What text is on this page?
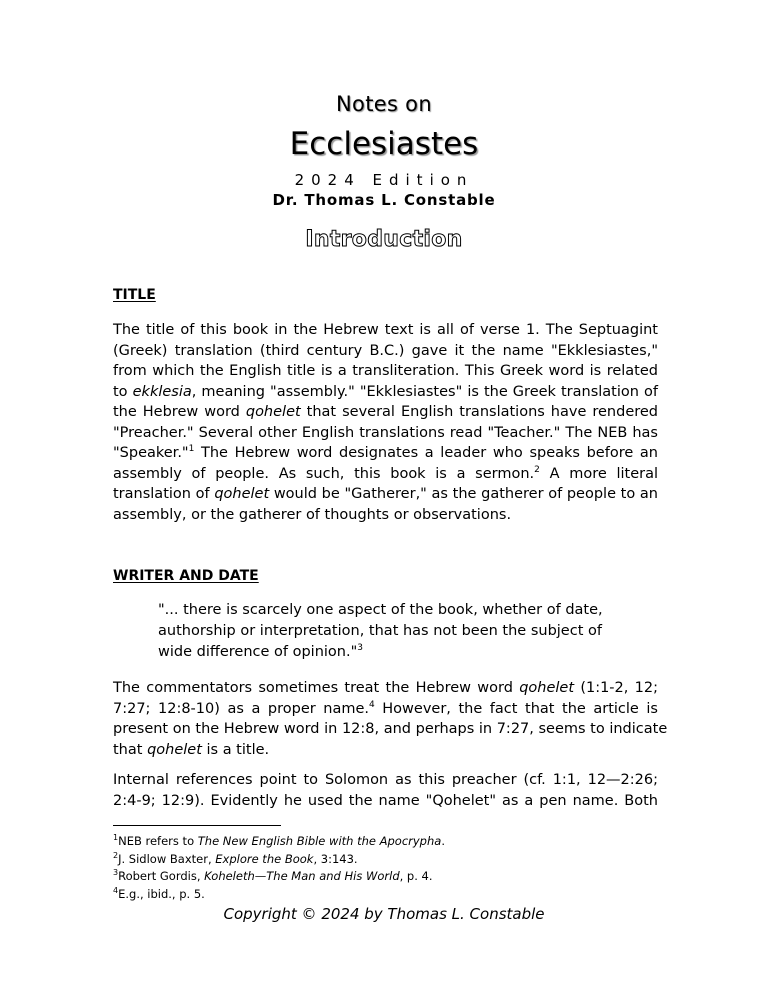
Notes on
Ecclesiastes
2024 Edition
Dr. Thomas L. Constable
Introduction
TITLE
The title of this book in the Hebrew text is all of verse 1. The Septuagint
(Greek) translation (third century B.C.) gave it the name "Ekklesiastes,"
from which the English title is a transliteration. This Greek word is related
to ekklesia, meaning "assembly." "Ekklesiastes" is the Greek translation of
the Hebrew word qohelet that several English translations have rendered
"Preacher." Several other English translations read "Teacher." The NEB has
"Speaker."$^1$ The Hebrew word designates a leader who speaks before an
assembly of people. As such, this book is a sermon.$^2$ A more literal
translation of qohelet would be "Gatherer," as the gatherer of people to an
assembly, or the gatherer of thoughts or observations.
WRITER AND DATE
"... there is scarcely one aspect of the book, whether of date,
authorship or interpretation, that has not been the subject of
wide difference of opinion."$^3$
The commentators sometimes treat the Hebrew word qohelet (1:1-2, 12;
7:27; 12:8-10) as a proper name.$^4$ However, the fact that the article is
present on the Hebrew word in 12:8, and perhaps in 7:27, seems to indicate
that qohelet is a title.
Internal references point to Solomon as this preacher (cf. 1:1, 12—2:26;
2:4-9; 12:9). Evidently he used the name "Qohelet" as a pen name. Both
$^1$NEB refers to The New English Bible with the Apocrypha.
$^2$J. Sidlow Baxter, Explore the Book, 3:143.
$^3$Robert Gordis, Koheleth—The Man and His World, p. 4.
$^4$E.g., ibid., p. 5.
Copyright © 2024 by Thomas L. Constable
